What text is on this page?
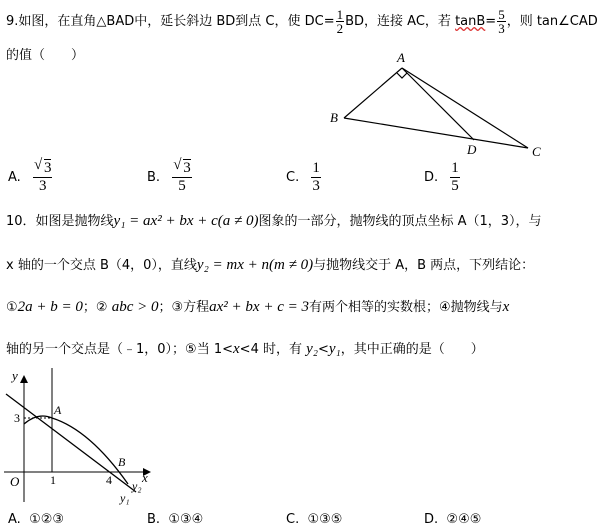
9.如图，在直角△BAD中，延长斜边 BD到点 C，使 $DC= \frac{1}{2}$ BD，连接 AC，若 $\tan B= \frac{5}{3}$ ，则 tan∠CAD
的值（　　）	A
B
D	C
A. √ $\frac{3}{3}$	B. √ $\frac{3}{5}$	C. $\frac{1}{3}$	D. $\frac{1}{5}$
10．如图是抛物线y₁ = ax² + bx + c(a ≠ 0)图象的一部分，抛物线的顶点坐标 A（1，3），与
x 轴的一个交点 B（4，0），直线y₂ = mx + n(m ≠ 0)与抛物线交于 A，B 两点，下列结论：
①2a + b = 0；② abc > 0；③方程ax² + bx + c = 3有两个相等的实数根；④抛物线与x
轴的另一个交点是（﹣1，0）；⑤当 1<x<4 时，有 y₂<y₁，其中正确的是（　　）
y
x
O	1	4
3
A
B
y₂
y₁
A. ①②③	B. ①③④	C. ①③⑤	D. ②④⑤
